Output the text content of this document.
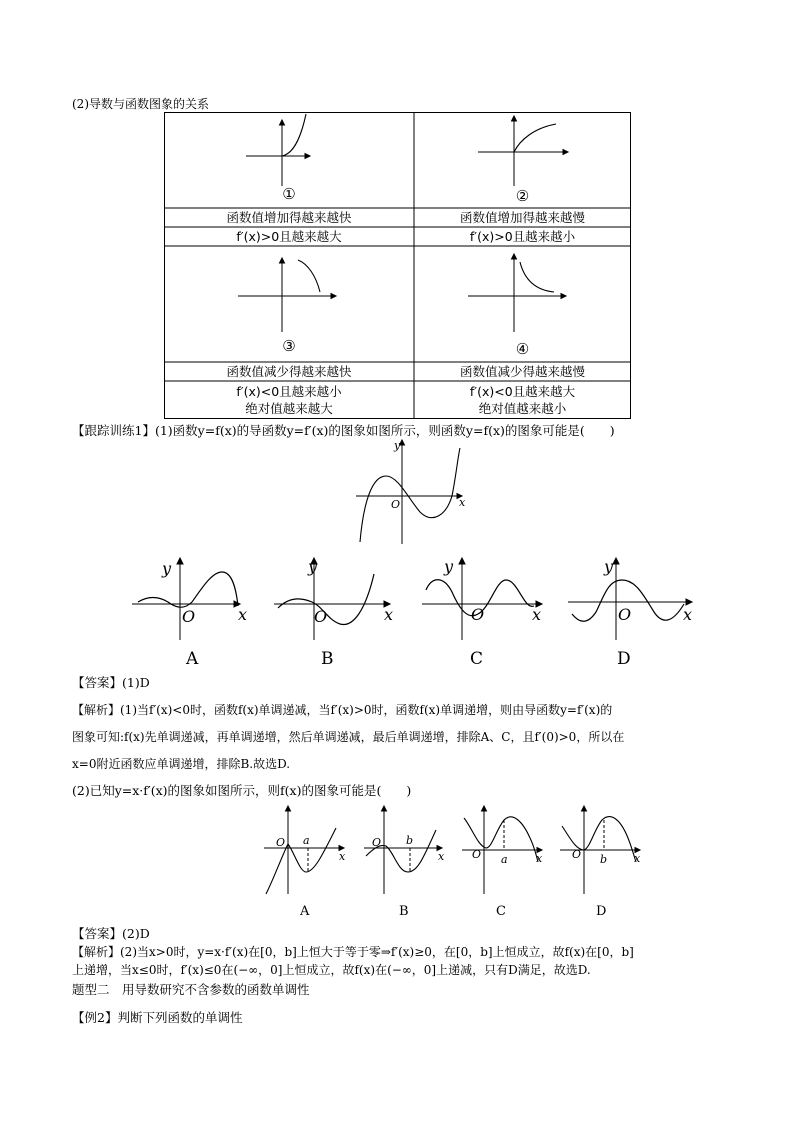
(2)导数与函数图象的关系
①	②
函数值增加得越来越快	函数值增加得越来越慢
f′(x)>0且越来越大	f′(x)>0且越来越小
③	④
函数值减少得越来越快	函数值减少得越来越慢
f′(x)<0且越来越小	f′(x)<0且越来越大
绝对值越来越大	绝对值越来越小
【跟踪训练1】(1)函数y=f(x)的导函数y=f′(x)的图象如图所示，则函数y=f(x)的图象可能是(　　)
y
O	x
y
O	x
A
y
O	x
B
y
O	x
C
y
O	x
D
【答案】(1)D
【解析】(1)当f′(x)<0时，函数f(x)单调递减，当f′(x)>0时，函数f(x)单调递增，则由导函数y=f′(x)的
图象可知:f(x)先单调递减，再单调递增，然后单调递减，最后单调递增，排除A、C，且f′(0)>0，所以在
x=0附近函数应单调递增，排除B.故选D.
(2)已知y=x·f′(x)的图象如图所示，则f(x)的图象可能是(　　)
O a
x
A
O b
x
B
O a	x
C
O b x
D
【答案】(2)D
【解析】(2)当x>0时，y=x·f′(x)在[0，b]上恒大于等于零⇒f′(x)≥0，在[0，b]上恒成立，故f(x)在[0，b]
上递增，当x≤0时，f′(x)≤0在(−∞，0]上恒成立，故f(x)在(−∞，0]上递减，只有D满足，故选D.
题型二　用导数研究不含参数的函数单调性
【例2】判断下列函数的单调性
